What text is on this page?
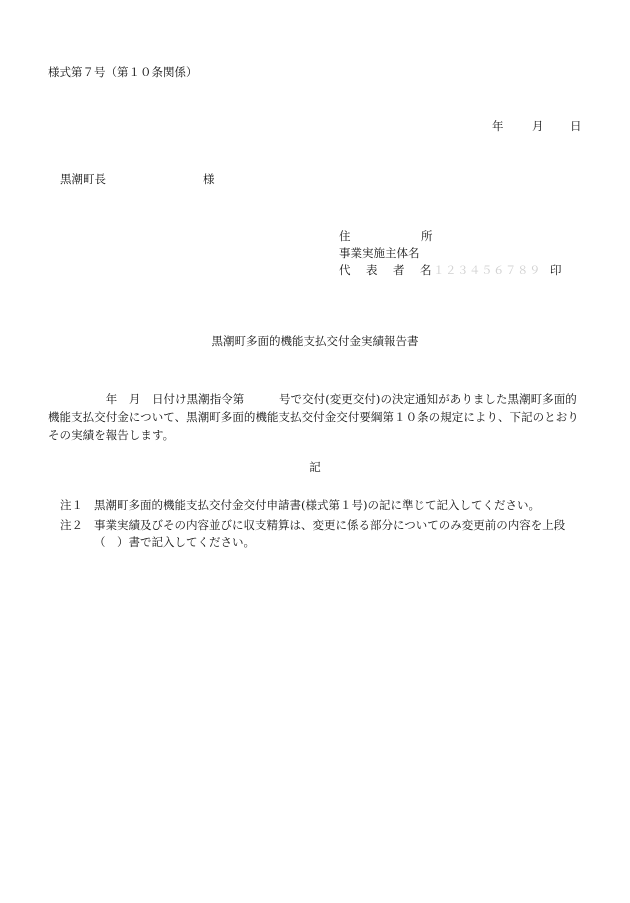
様式第７号（第１０条関係）
年 月 日
黒潮町長	様
住	所
事業実施主体名
代 表 者 名 １２３４５６７８９ 印
黒潮町多面的機能支払交付金実績報告書
　　　　　年　月　日付け黒潮指令第　　　号で交付(変更交付)の決定通知がありました黒潮町多面的機能支払交付金について、黒潮町多面的機能支払交付金交付要綱第１０条の規定により、下記のとおりその実績を報告します。
記
注１ 黒潮町多面的機能支払交付金交付申請書(様式第１号)の記に準じて記入してください。
注２ 事業実績及びその内容並びに収支精算は、変更に係る部分についてのみ変更前の内容を上段（　）書で記入してください。
